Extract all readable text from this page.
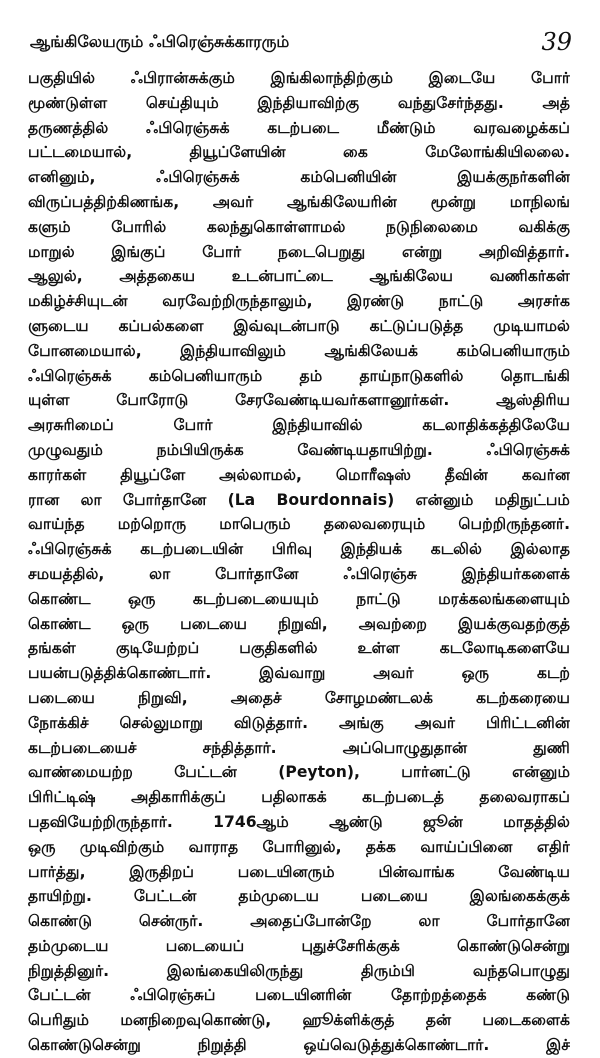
ஆங்கிலேயரும் ஃபிரெஞ்சுக்காரரும்	39
பகுதியில் ஃபிரான்சுக்கும் இங்கிலாந்திற்கும் இடையே போர்
மூண்டுள்ள செய்தியும் இந்தியாவிற்கு வந்துசேர்ந்தது. அத்
தருணத்தில் ஃபிரெஞ்சுக் கடற்படை மீண்டும் வரவழைக்கப்
பட்டமையால், தியூப்ளேயின் கை மேலோங்கியிலலை.
எனினும், ஃபிரெஞ்சுக் கம்பெனியின் இயக்குநர்களின்
விருப்பத்திற்கிணங்க, அவர் ஆங்கிலேயரின் மூன்று மாநிலங்
களும் போரில் கலந்துகொள்ளாமல் நடுநிலைமை வகிக்கு
மாறுல் இங்குப் போர் நடைபெறுது என்று அறிவித்தார்.
ஆலுல், அத்தகைய உடன்பாட்டை ஆங்கிலேய வணிகர்கள்
மகிழ்ச்சியுடன் வரவேற்றிருந்தாலும், இரண்டு நாட்டு அரசர்க
ளுடைய கப்பல்களை இவ்வுடன்பாடு கட்டுப்படுத்த முடியாமல்
போனமையால், இந்தியாவிலும் ஆங்கிலேயக் கம்பெனியாரும்
ஃபிரெஞ்சுக் கம்பெனியாரும் தம் தாய்நாடுகளில் தொடங்கி
யுள்ள போரோடு சேரவேண்டியவர்களானூர்கள். ஆஸ்திரிய
அரசுரிமைப் போர் இந்தியாவில் கடலாதிக்கத்திலேயே
முழுவதும் நம்பியிருக்க வேண்டியதாயிற்று. ஃபிரெஞ்சுக்
காரர்கள் தியூப்ளே அல்லாமல், மொரீஷஸ் தீவின் கவர்ன
ரான லா போர்தானே (La Bourdonnais) என்னும் மதிநுட்பம்
வாய்ந்த மற்றொரு மாபெரும் தலைவரையும் பெற்றிருந்தனர்.
ஃபிரெஞ்சுக் கடற்படையின் பிரிவு இந்தியக் கடலில் இல்லாத
சமயத்தில், லா போர்தானே ஃபிரெஞ்சு இந்தியர்களைக்
கொண்ட ஒரு கடற்படையையும் நாட்டு மரக்கலங்களையும்
கொண்ட ஒரு படையை நிறுவி, அவற்றை இயக்குவதற்குத்
தங்கள் குடியேற்றப் பகுதிகளில் உள்ள கடலோடிகளையே
பயன்படுத்திக்கொண்டார். இவ்வாறு அவர் ஒரு கடற்
படையை நிறுவி, அதைச் சோழமண்டலக் கடற்கரையை
நோக்கிச் செல்லுமாறு விடுத்தார். அங்கு அவர் பிரிட்டனின்
கடற்படையைச் சந்தித்தார். அப்பொழுதுதான் துணி
வாண்மையற்ற பேட்டன் (Peyton), பார்னட்டு என்னும்
பிரிட்டிஷ் அதிகாரிக்குப் பதிலாகக் கடற்படைத் தலைவராகப்
பதவியேற்றிருந்தார். 1746ஆம் ஆண்டு ஜூன் மாதத்தில்
ஒரு முடிவிற்கும் வாராத போரினுல், தக்க வாய்ப்பினை எதிர்
பார்த்து, இருதிறப் படையினரும் பின்வாங்க வேண்டிய
தாயிற்று. பேட்டன் தம்முடைய படையை இலங்கைக்குக்
கொண்டு சென்ருர். அதைப்போன்றே லா போர்தானே
தம்முடைய படையைப் புதுச்சேரிக்குக் கொண்டுசென்று
நிறுத்தினுர். இலங்கையிலிருந்து திரும்பி வந்தபொழுது
பேட்டன் ஃபிரெஞ்சுப் படையினரின் தோற்றத்தைக் கண்டு
பெரிதும் மனநிறைவுகொண்டு, ஹூக்ளிக்குத் தன் படைகளைக்
கொண்டுசென்று நிறுத்தி ஒய்வெடுத்துக்கொண்டார். இச்
